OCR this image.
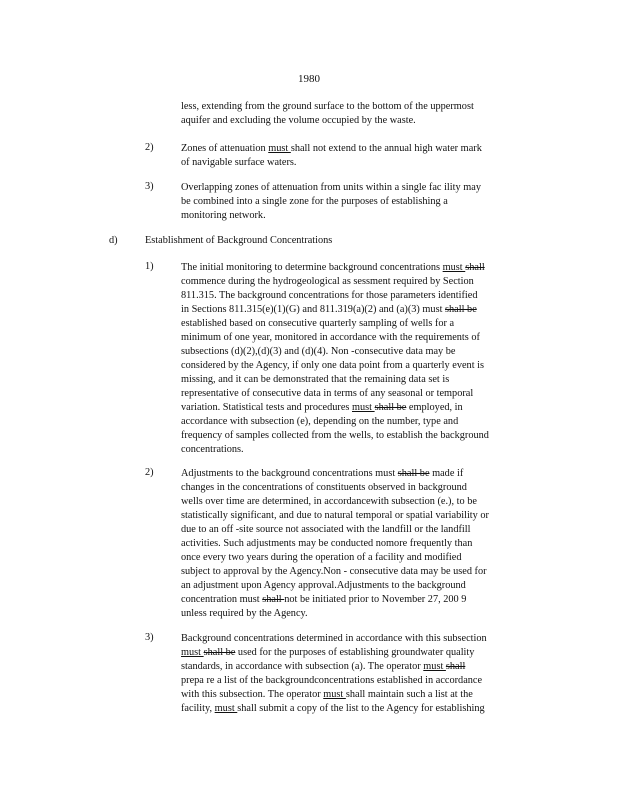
1980
less, extending from the ground surface to the bottom of the uppermost
aquifer and excluding the volume occupied by the waste.
2)	Zones of attenuation must shall not extend to the annual high water mark
of navigable surface waters.
3)	Overlapping zones of attenuation from units within a single fac ility may
be combined into a single zone for the purposes of establishing a
monitoring network.
d)	Establishment of Background Concentrations
1)	The initial monitoring to determine background concentrations must shall
commence during the hydrogeological as sessment required by Section
811.315. The background concentrations for those parameters identified
in Sections 811.315(e)(1)(G) and 811.319(a)(2) and (a)(3) must shall be
established based on consecutive quarterly sampling of wells for a
minimum of one year, monitored in accordance with the requirements of
subsections (d)(2),(d)(3) and (d)(4). Non -consecutive data may be
considered by the Agency, if only one data point from a quarterly event is
missing, and it can be demonstrated that the remaining data set is
representative of consecutive data in terms of any seasonal or temporal
variation. Statistical tests and procedures must shall be employed, in
accordance with subsection (e), depending on the number, type and
frequency of samples collected from the wells, to establish the background
concentrations.
2)	Adjustments to the background concentrations must shall be made if
changes in the concentrations of constituents observed in background
wells over time are determined, in accordancewith subsection (e.), to be
statistically significant, and due to natural temporal or spatial variability or
due to an off -site source not associated with the landfill or the landfill
activities. Such adjustments may be conducted nomore frequently than
once every two years during the operation of a facility and modified
subject to approval by the Agency.Non - consecutive data may be used for
an adjustment upon Agency approval.Adjustments to the background
concentration must shall not be initiated prior to November 27, 200 9
unless required by the Agency.
3)	Background concentrations determined in accordance with this subsection
must shall be used for the purposes of establishing groundwater quality
standards, in accordance with subsection (a). The operator must shall
prepa re a list of the backgroundconcentrations established in accordance
with this subsection. The operator must shall maintain such a list at the
facility, must shall submit a copy of the list to the Agency for establishing
